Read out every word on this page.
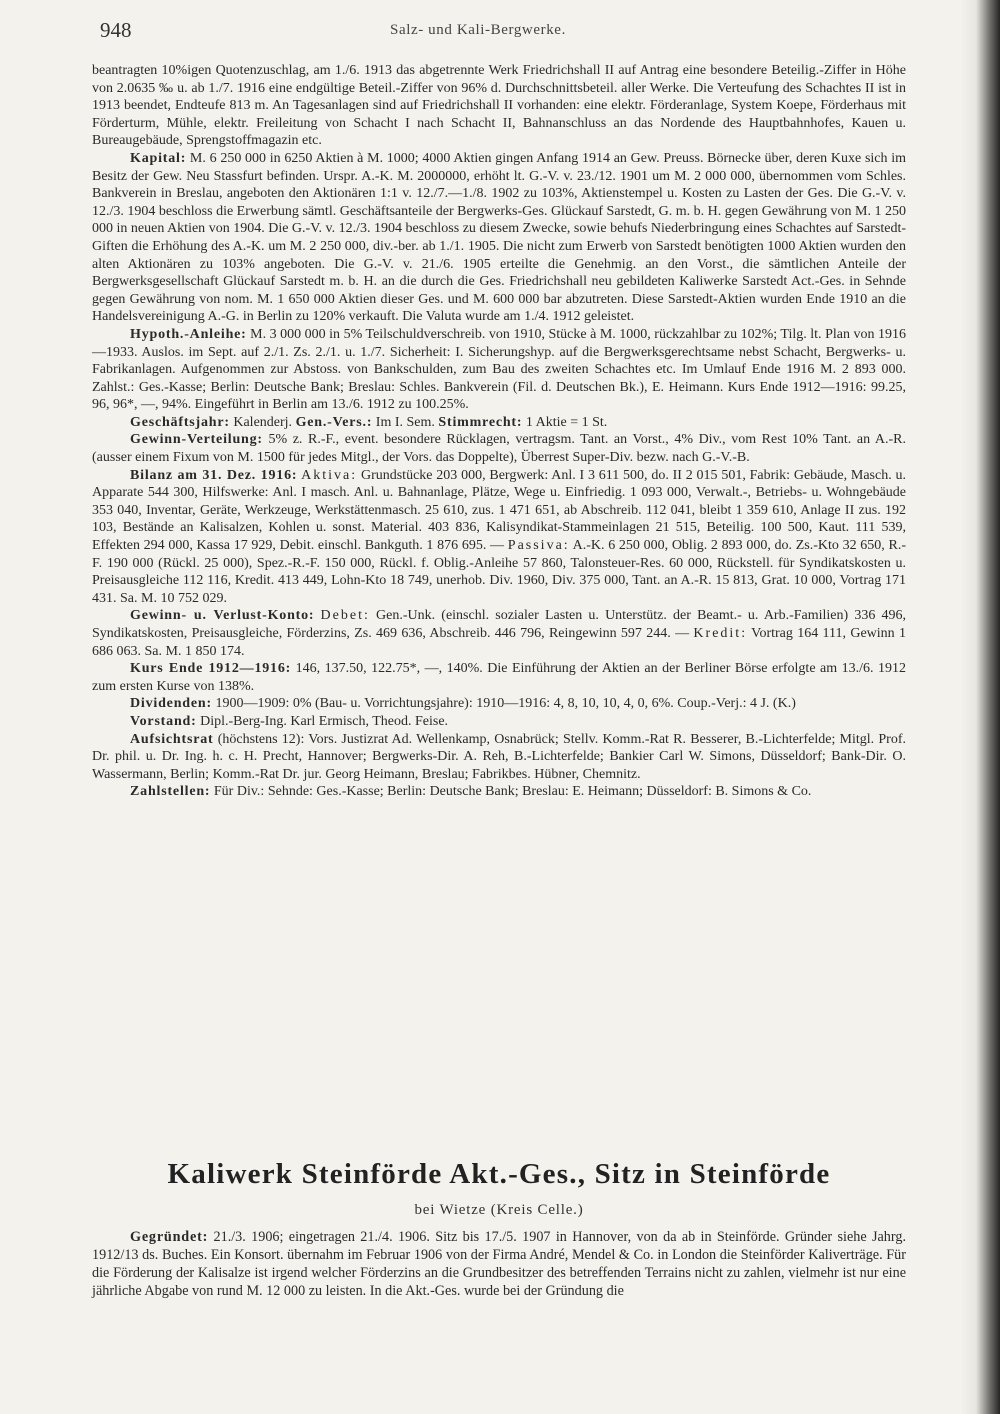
948	Salz- und Kali-Bergwerke.

beantragten 10%igen Quotenzuschlag, am 1./6. 1913 das abgetrennte Werk Friedrichshall II auf Antrag eine besondere Beteilig.-Ziffer in Höhe von 2.0635 ‰ u. ab 1./7. 1916 eine endgültige Beteil.-Ziffer von 96% d. Durchschnittsbeteil. aller Werke. Die Verteufung des Schachtes II ist in 1913 beendet, Endteufe 813 m. An Tagesanlagen sind auf Friedrichshall II vorhanden: eine elektr. Förderanlage, System Koepe, Förderhaus mit Förderturm, Mühle, elektr. Freileitung von Schacht I nach Schacht II, Bahnanschluss an das Nordende des Hauptbahnhofes, Kauen u. Bureaugebäude, Sprengstoffmagazin etc.

Kapital: M. 6 250 000 in 6250 Aktien à M. 1000; 4000 Aktien gingen Anfang 1914 an Gew. Preuss. Börnecke über, deren Kuxe sich im Besitz der Gew. Neu Stassfurt befinden. Urspr. A.-K. M. 2000000, erhöht lt. G.-V. v. 23./12. 1901 um M. 2 000 000, übernommen vom Schles. Bankverein in Breslau, angeboten den Aktionären 1:1 v. 12./7.—1./8. 1902 zu 103%, Aktienstempel u. Kosten zu Lasten der Ges. Die G.-V. v. 12./3. 1904 beschloss die Erwerbung sämtl. Geschäftsanteile der Bergwerks-Ges. Glückauf Sarstedt, G. m. b. H. gegen Gewährung von M. 1 250 000 in neuen Aktien von 1904. Die G.-V. v. 12./3. 1904 beschloss zu diesem Zwecke, sowie behufs Niederbringung eines Schachtes auf Sarstedt-Giften die Erhöhung des A.-K. um M. 2 250 000, div.-ber. ab 1./1. 1905. Die nicht zum Erwerb von Sarstedt benötigten 1000 Aktien wurden den alten Aktionären zu 103% angeboten. Die G.-V. v. 21./6. 1905 erteilte die Genehmig. an den Vorst., die sämtlichen Anteile der Bergwerksgesellschaft Glückauf Sarstedt m. b. H. an die durch die Ges. Friedrichshall neu gebildeten Kaliwerke Sarstedt Act.-Ges. in Sehnde gegen Gewährung von nom. M. 1 650 000 Aktien dieser Ges. und M. 600 000 bar abzutreten. Diese Sarstedt-Aktien wurden Ende 1910 an die Handelsvereinigung A.-G. in Berlin zu 120% verkauft. Die Valuta wurde am 1./4. 1912 geleistet.

Hypoth.-Anleihe: M. 3 000 000 in 5% Teilschuldverschreib. von 1910, Stücke à M. 1000, rückzahlbar zu 102%; Tilg. lt. Plan von 1916—1933. Auslos. im Sept. auf 2./1. Zs. 2./1. u. 1./7. Sicherheit: I. Sicherungshyp. auf die Bergwerksgerechtsame nebst Schacht, Bergwerks- u. Fabrikanlagen. Aufgenommen zur Abstoss. von Bankschulden, zum Bau des zweiten Schachtes etc. Im Umlauf Ende 1916 M. 2 893 000. Zahlst.: Ges.-Kasse; Berlin: Deutsche Bank; Breslau: Schles. Bankverein (Fil. d. Deutschen Bk.), E. Heimann. Kurs Ende 1912—1916: 99.25, 96, 96*, —, 94%. Eingeführt in Berlin am 13./6. 1912 zu 100.25%.

Geschäftsjahr: Kalenderj. Gen.-Vers.: Im I. Sem. Stimmrecht: 1 Aktie = 1 St.

Gewinn-Verteilung: 5% z. R.-F., event. besondere Rücklagen, vertragsm. Tant. an Vorst., 4% Div., vom Rest 10% Tant. an A.-R. (ausser einem Fixum von M. 1500 für jedes Mitgl., der Vors. das Doppelte), Überrest Super-Div. bezw. nach G.-V.-B.

Bilanz am 31. Dez. 1916: Aktiva: Grundstücke 203 000, Bergwerk: Anl. I 3 611 500, do. II 2 015 501, Fabrik: Gebäude, Masch. u. Apparate 544 300, Hilfswerke: Anl. I masch. Anl. u. Bahnanlage, Plätze, Wege u. Einfriedig. 1 093 000, Verwalt.-, Betriebs- u. Wohngebäude 353 040, Inventar, Geräte, Werkzeuge, Werkstättenmasch. 25 610, zus. 1 471 651, ab Abschreib. 112 041, bleibt 1 359 610, Anlage II zus. 192 103, Bestände an Kalisalzen, Kohlen u. sonst. Material. 403 836, Kalisyndikat-Stammeinlagen 21 515, Beteilig. 100 500, Kaut. 111 539, Effekten 294 000, Kassa 17 929, Debit. einschl. Bankguth. 1 876 695. — Passiva: A.-K. 6 250 000, Oblig. 2 893 000, do. Zs.-Kto 32 650, R.-F. 190 000 (Rückl. 25 000), Spez.-R.-F. 150 000, Rückl. f. Oblig.-Anleihe 57 860, Talonsteuer-Res. 60 000, Rückstell. für Syndikatskosten u. Preisausgleiche 112 116, Kredit. 413 449, Lohn-Kto 18 749, unerhob. Div. 1960, Div. 375 000, Tant. an A.-R. 15 813, Grat. 10 000, Vortrag 171 431. Sa. M. 10 752 029.

Gewinn- u. Verlust-Konto: Debet: Gen.-Unk. (einschl. sozialer Lasten u. Unterstütz. der Beamt.- u. Arb.-Familien) 336 496, Syndikatskosten, Preisausgleiche, Förderzins, Zs. 469 636, Abschreib. 446 796, Reingewinn 597 244. — Kredit: Vortrag 164 111, Gewinn 1 686 063. Sa. M. 1 850 174.

Kurs Ende 1912—1916: 146, 137.50, 122.75*, —, 140%. Die Einführung der Aktien an der Berliner Börse erfolgte am 13./6. 1912 zum ersten Kurse von 138%.

Dividenden: 1900—1909: 0% (Bau- u. Vorrichtungsjahre): 1910—1916: 4, 8, 10, 10, 4, 0, 6%. Coup.-Verj.: 4 J. (K.)

Vorstand: Dipl.-Berg-Ing. Karl Ermisch, Theod. Feise.

Aufsichtsrat (höchstens 12): Vors. Justizrat Ad. Wellenkamp, Osnabrück; Stellv. Komm.-Rat R. Besserer, B.-Lichterfelde; Mitgl. Prof. Dr. phil. u. Dr. Ing. h. c. H. Precht, Hannover; Bergwerks-Dir. A. Reh, B.-Lichterfelde; Bankier Carl W. Simons, Düsseldorf; Bank-Dir. O. Wassermann, Berlin; Komm.-Rat Dr. jur. Georg Heimann, Breslau; Fabrikbes. Hübner, Chemnitz.

Zahlstellen: Für Div.: Sehnde: Ges.-Kasse; Berlin: Deutsche Bank; Breslau: E. Heimann; Düsseldorf: B. Simons & Co.

Kaliwerk Steinförde Akt.-Ges., Sitz in Steinförde
bei Wietze (Kreis Celle.)

Gegründet: 21./3. 1906; eingetragen 21./4. 1906. Sitz bis 17./5. 1907 in Hannover, von da ab in Steinförde. Gründer siehe Jahrg. 1912/13 ds. Buches. Ein Konsort. übernahm im Februar 1906 von der Firma André, Mendel & Co. in London die Steinförder Kaliverträge. Für die Förderung der Kalisalze ist irgend welcher Förderzins an die Grundbesitzer des betreffenden Terrains nicht zu zahlen, vielmehr ist nur eine jährliche Abgabe von rund M. 12 000 zu leisten. In die Akt.-Ges. wurde bei der Gründung die
